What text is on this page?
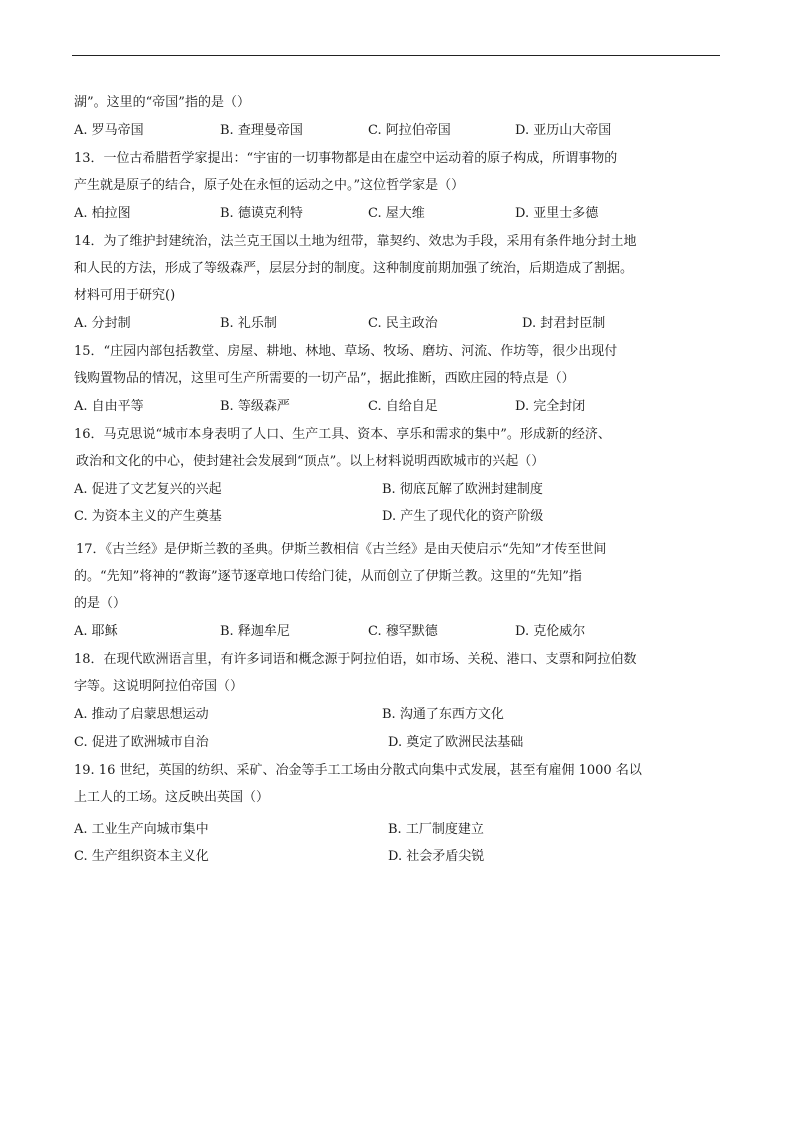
湖”。这里的“帝国”指的是（）
A. 罗马帝国	B. 查理曼帝国	C. 阿拉伯帝国	D. 亚历山大帝国
13．一位古希腊哲学家提出：“宇宙的一切事物都是由在虚空中运动着的原子构成，所谓事物的
产生就是原子的结合，原子处在永恒的运动之中。”这位哲学家是（）
A. 柏拉图	B. 德谟克利特	C. 屋大维	D. 亚里士多德
14．为了维护封建统治，法兰克王国以土地为纽带，靠契约、效忠为手段，采用有条件地分封土地
和人民的方法，形成了等级森严，层层分封的制度。这种制度前期加强了统治，后期造成了割据。
材料可用于研究()
A. 分封制	B. 礼乐制	C. 民主政治	D. 封君封臣制
15．“庄园内部包括教堂、房屋、耕地、林地、草场、牧场、磨坊、河流、作坊等，很少出现付
钱购置物品的情况，这里可生产所需要的一切产品”，据此推断，西欧庄园的特点是（）
A. 自由平等	B. 等级森严	C. 自给自足	D. 完全封闭
16．马克思说“城市本身表明了人口、生产工具、资本、享乐和需求的集中”。形成新的经济、
政治和文化的中心，使封建社会发展到“顶点”。以上材料说明西欧城市的兴起（）
A. 促进了文艺复兴的兴起	B. 彻底瓦解了欧洲封建制度
C. 为资本主义的产生奠基	D. 产生了现代化的资产阶级
17．《古兰经》是伊斯兰教的圣典。伊斯兰教相信《古兰经》是由天使启示“先知”才传至世间
的。“先知”将神的“教诲”逐节逐章地口传给门徒，从而创立了伊斯兰教。这里的“先知”指
的是（）
A. 耶稣	B. 释迦牟尼	C. 穆罕默德	D. 克伦威尔
18．在现代欧洲语言里，有许多词语和概念源于阿拉伯语，如市场、关税、港口、支票和阿拉伯数
字等。这说明阿拉伯帝国（）
A. 推动了启蒙思想运动	B. 沟通了东西方文化
C. 促进了欧洲城市自治	D. 奠定了欧洲民法基础
19. 16 世纪，英国的纺织、采矿、冶金等手工工场由分散式向集中式发展，甚至有雇佣 1000 名以
上工人的工场。这反映出英国（）
A. 工业生产向城市集中	B. 工厂制度建立
C. 生产组织资本主义化	D. 社会矛盾尖锐
